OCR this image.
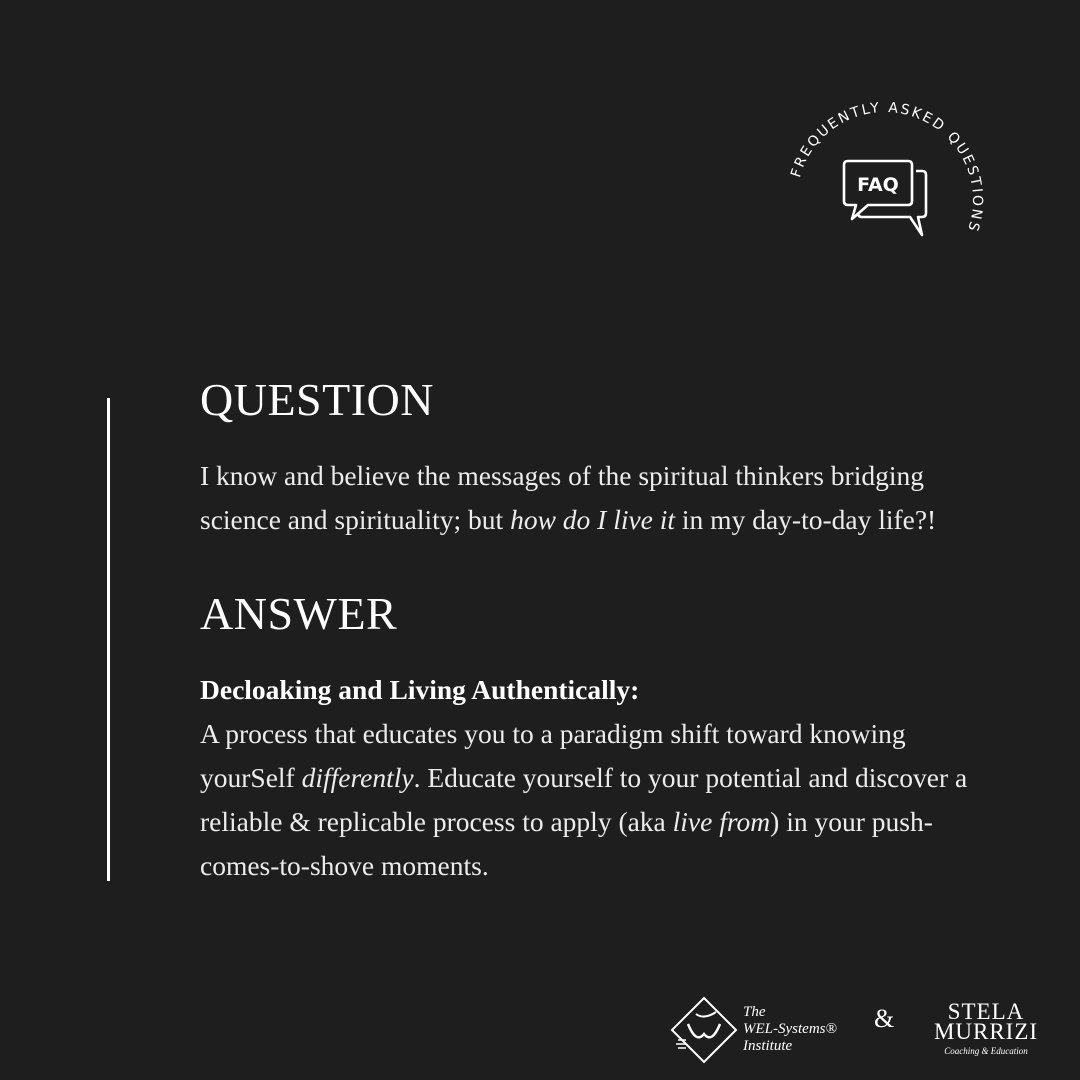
FREQUENTLY ASKED QUESTIONS
FAQ
QUESTION

I know and believe the messages of the spiritual thinkers bridging science and spirituality; but how do I live it in my day-to-day life?!

ANSWER

Decloaking and Living Authentically:

A process that educates you to a paradigm shift toward knowing yourSelf differently. Educate yourself to your potential and discover a reliable & replicable process to apply (aka live from) in your push-comes-to-shove moments.

The
WEL-Systems®
Institute
&	STELA
MURRIZI
Coaching & Education
